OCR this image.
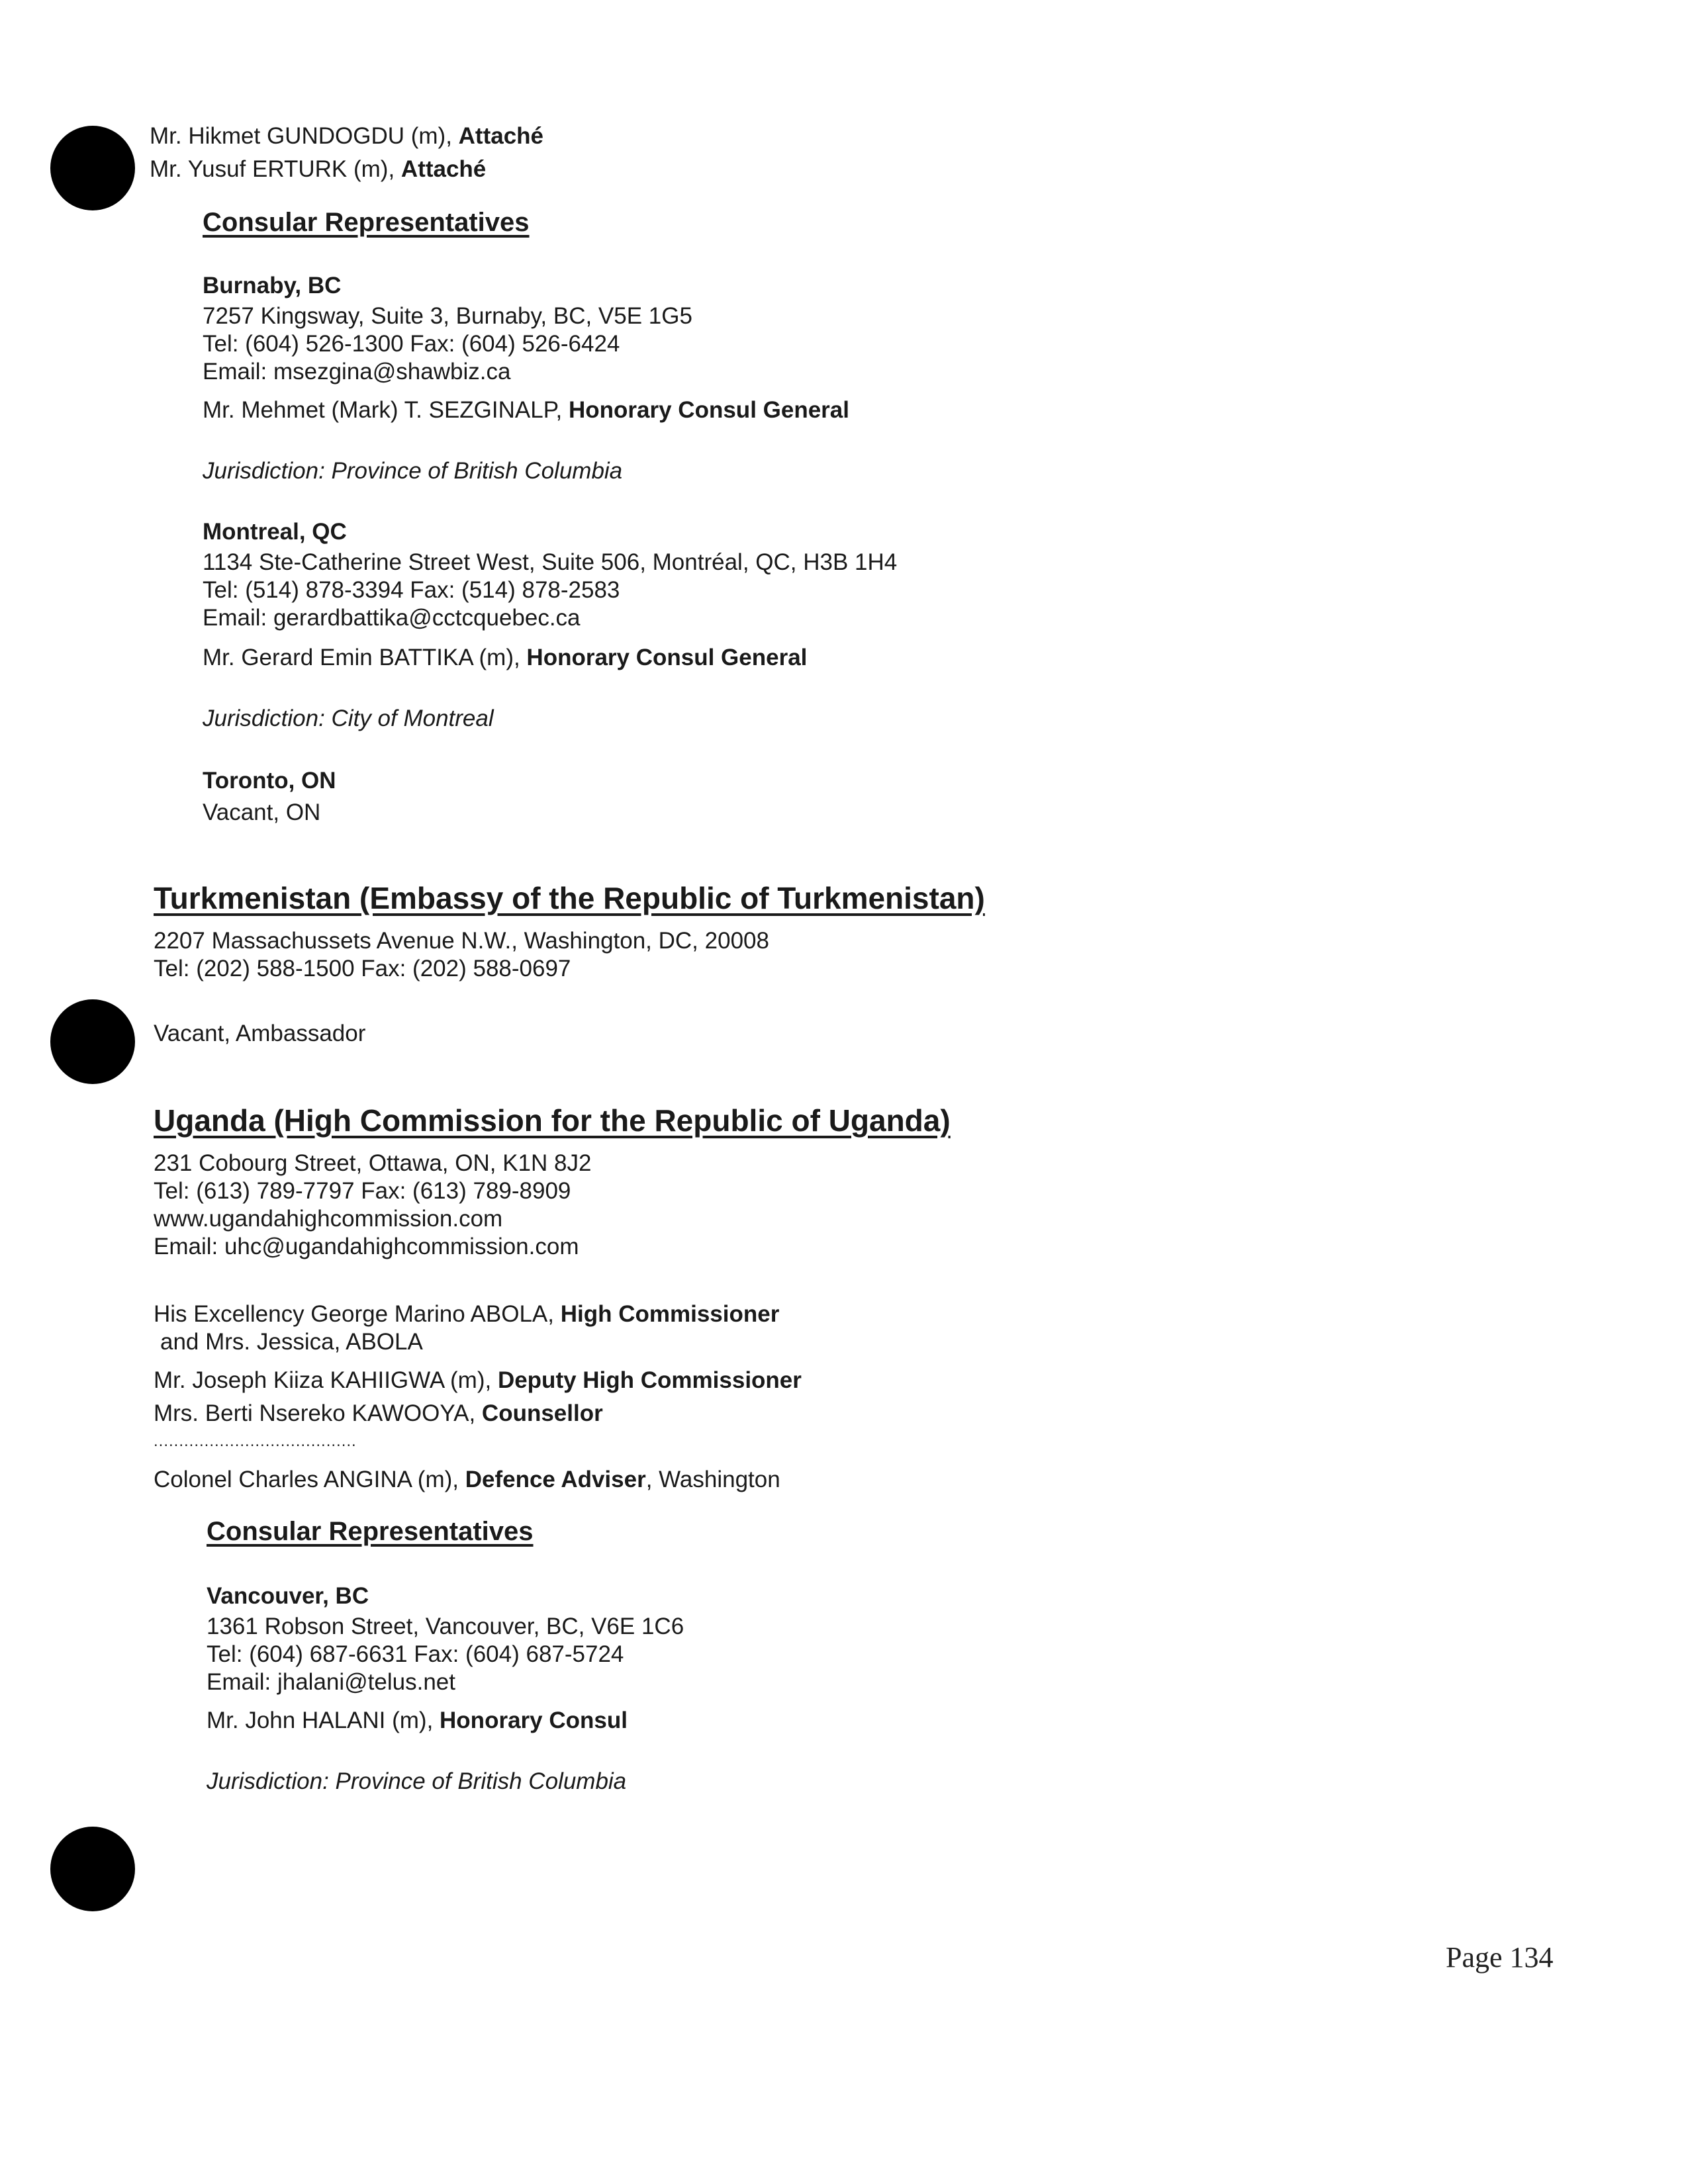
Mr. Hikmet GUNDOGDU (m), Attaché
Mr. Yusuf ERTURK (m), Attaché
Consular Representatives
Burnaby, BC
7257 Kingsway, Suite 3, Burnaby, BC, V5E 1G5
Tel: (604) 526-1300 Fax: (604) 526-6424
Email: msezgina@shawbiz.ca
Mr. Mehmet (Mark) T. SEZGINALP, Honorary Consul General
Jurisdiction: Province of British Columbia
Montreal, QC
1134 Ste-Catherine Street West, Suite 506, Montréal, QC, H3B 1H4
Tel: (514) 878-3394 Fax: (514) 878-2583
Email: gerardbattika@cctcquebec.ca
Mr. Gerard Emin BATTIKA (m), Honorary Consul General
Jurisdiction: City of Montreal
Toronto, ON
Vacant, ON
Turkmenistan (Embassy of the Republic of Turkmenistan)
2207 Massachussets Avenue N.W., Washington, DC, 20008
Tel: (202) 588-1500 Fax: (202) 588-0697
Vacant, Ambassador
Uganda (High Commission for the Republic of Uganda)
231 Cobourg Street, Ottawa, ON, K1N 8J2
Tel: (613) 789-7797 Fax: (613) 789-8909
www.ugandahighcommission.com
Email: uhc@ugandahighcommission.com
His Excellency George Marino ABOLA, High Commissioner
and Mrs. Jessica, ABOLA
Mr. Joseph Kiiza KAHIIGWA (m), Deputy High Commissioner
Mrs. Berti Nsereko KAWOOYA, Counsellor
........................................
Colonel Charles ANGINA (m), Defence Adviser, Washington
Consular Representatives
Vancouver, BC
1361 Robson Street, Vancouver, BC, V6E 1C6
Tel: (604) 687-6631 Fax: (604) 687-5724
Email: jhalani@telus.net
Mr. John HALANI (m), Honorary Consul
Jurisdiction: Province of British Columbia
Page 134
